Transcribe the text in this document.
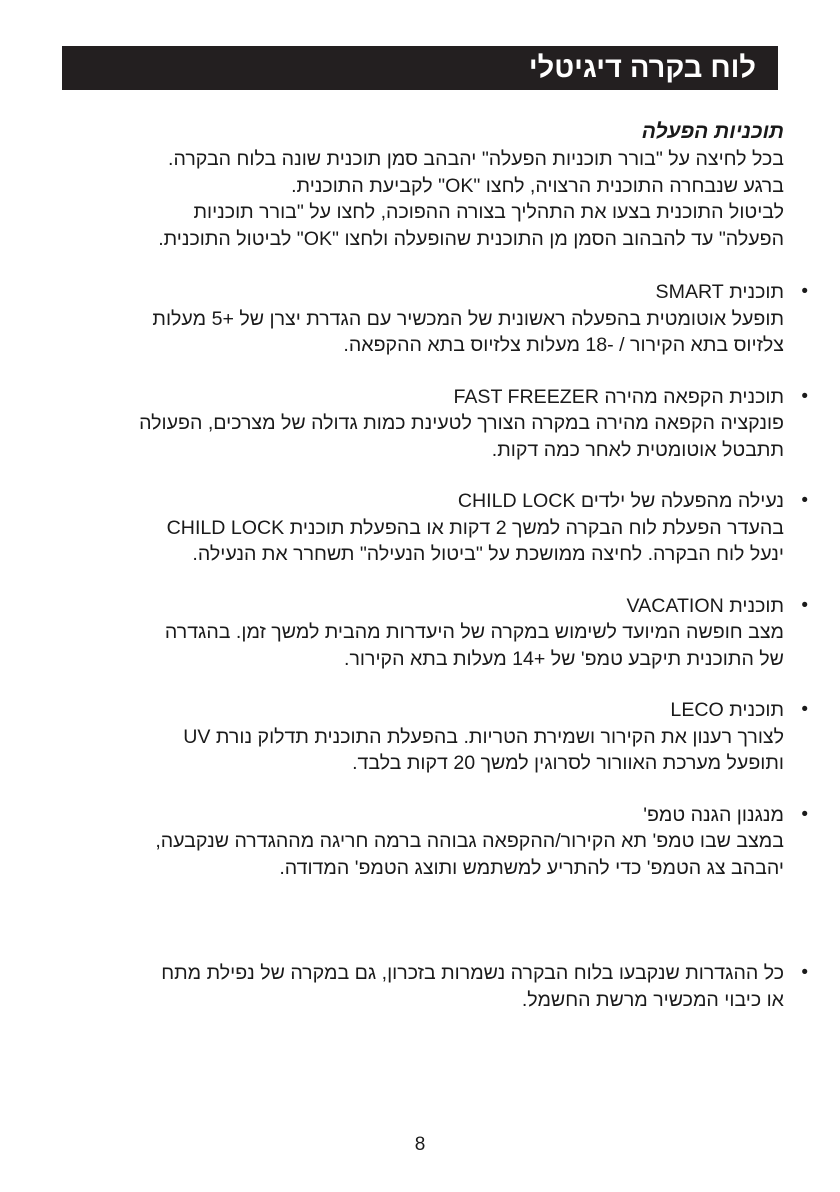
לוח בקרה דיגיטלי
תוכניות הפעלה

בכל לחיצה על "בורר תוכניות הפעלה" יהבהב סמן תוכנית שונה בלוח הבקרה.
ברגע שנבחרה התוכנית הרצויה, לחצו "OK" לקביעת התוכנית.
לביטול התוכנית בצעו את התהליך בצורה ההפוכה, לחצו על "בורר תוכניות
הפעלה" עד להבהוב הסמן מן התוכנית שהופעלה ולחצו "OK" לביטול התוכנית.

•
תוכנית SMART
תופעל אוטומטית בהפעלה ראשונית של המכשיר עם הגדרת יצרן של +5 מעלות
צלזיוס בתא הקירור / -18 מעלות צלזיוס בתא ההקפאה.
•
תוכנית הקפאה מהירה FAST FREEZER
פונקציה הקפאה מהירה במקרה הצורך לטעינת כמות גדולה של מצרכים, הפעולה
תתבטל אוטומטית לאחר כמה דקות.
•
נעילה מהפעלה של ילדים CHILD LOCK
בהעדר הפעלת לוח הבקרה למשך 2 דקות או בהפעלת תוכנית CHILD LOCK
ינעל לוח הבקרה. לחיצה ממושכת על "ביטול הנעילה" תשחרר את הנעילה.
•
תוכנית VACATION
מצב חופשה המיועד לשימוש במקרה של היעדרות מהבית למשך זמן. בהגדרה
של התוכנית תיקבע טמפ' של +14 מעלות בתא הקירור.
•
תוכנית LECO
לצורך רענון את הקירור ושמירת הטריות. בהפעלת התוכנית תדלוק נורת UV
ותופעל מערכת האוורור לסרוגין למשך 20 דקות בלבד.
•
מנגנון הגנה טמפ'
במצב שבו טמפ' תא הקירור/ההקפאה גבוהה ברמה חריגה מההגדרה שנקבעה,
יהבהב צג הטמפ' כדי להתריע למשתמש ותוצג הטמפ' המדודה.
•
כל ההגדרות שנקבעו בלוח הבקרה נשמרות בזכרון, גם במקרה של נפילת מתח
או כיבוי המכשיר מרשת החשמל.
8
